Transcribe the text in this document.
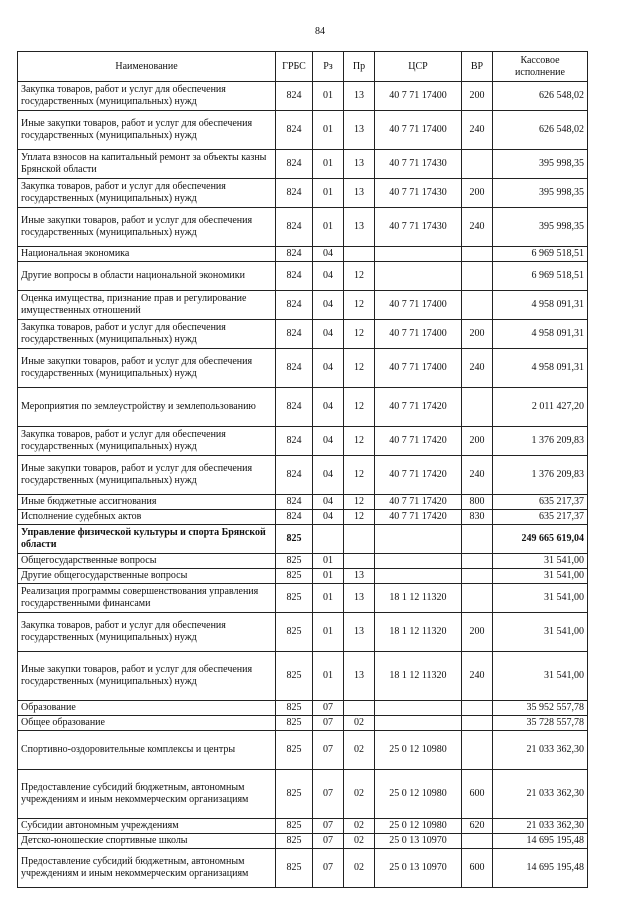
84
Наименование	ГРБС	Рз	Пр	ЦСР	ВР	Кассовое исполнение
Закупка товаров, работ и услуг для обеспечения государственных (муниципальных) нужд	824	01	13	40 7 71 17400	200	626 548,02
Иные закупки товаров, работ и услуг для обеспечения государственных (муниципальных) нужд	824	01	13	40 7 71 17400	240	626 548,02
Уплата взносов на капитальный ремонт за объекты казны Брянской области	824	01	13	40 7 71 17430		395 998,35
Закупка товаров, работ и услуг для обеспечения государственных (муниципальных) нужд	824	01	13	40 7 71 17430	200	395 998,35
Иные закупки товаров, работ и услуг для обеспечения государственных (муниципальных) нужд	824	01	13	40 7 71 17430	240	395 998,35
Национальная экономика	824	04				6 969 518,51
Другие вопросы в области национальной экономики	824	04	12			6 969 518,51
Оценка имущества, признание прав и регулирование имущественных отношений	824	04	12	40 7 71 17400		4 958 091,31
Закупка товаров, работ и услуг для обеспечения государственных (муниципальных) нужд	824	04	12	40 7 71 17400	200	4 958 091,31
Иные закупки товаров, работ и услуг для обеспечения государственных (муниципальных) нужд	824	04	12	40 7 71 17400	240	4 958 091,31
Мероприятия по землеустройству и землепользованию	824	04	12	40 7 71 17420		2 011 427,20
Закупка товаров, работ и услуг для обеспечения государственных (муниципальных) нужд	824	04	12	40 7 71 17420	200	1 376 209,83
Иные закупки товаров, работ и услуг для обеспечения государственных (муниципальных) нужд	824	04	12	40 7 71 17420	240	1 376 209,83
Иные бюджетные ассигнования	824	04	12	40 7 71 17420	800	635 217,37
Исполнение судебных актов	824	04	12	40 7 71 17420	830	635 217,37
Управление физической культуры и спорта Брянской области	825					249 665 619,04
Общегосударственные вопросы	825	01				31 541,00
Другие общегосударственные вопросы	825	01	13			31 541,00
Реализация программы совершенствования управления государственными финансами	825	01	13	18 1 12 11320		31 541,00
Закупка товаров, работ и услуг для обеспечения государственных (муниципальных) нужд	825	01	13	18 1 12 11320	200	31 541,00
Иные закупки товаров, работ и услуг для обеспечения государственных (муниципальных) нужд	825	01	13	18 1 12 11320	240	31 541,00
Образование	825	07				35 952 557,78
Общее образование	825	07	02			35 728 557,78
Спортивно-оздоровительные комплексы и центры	825	07	02	25 0 12 10980		21 033 362,30
Предоставление субсидий бюджетным, автономным учреждениям и иным некоммерческим организациям	825	07	02	25 0 12 10980	600	21 033 362,30
Субсидии автономным учреждениям	825	07	02	25 0 12 10980	620	21 033 362,30
Детско-юношеские спортивные школы	825	07	02	25 0 13 10970		14 695 195,48
Предоставление субсидий бюджетным, автономным учреждениям и иным некоммерческим организациям	825	07	02	25 0 13 10970	600	14 695 195,48
